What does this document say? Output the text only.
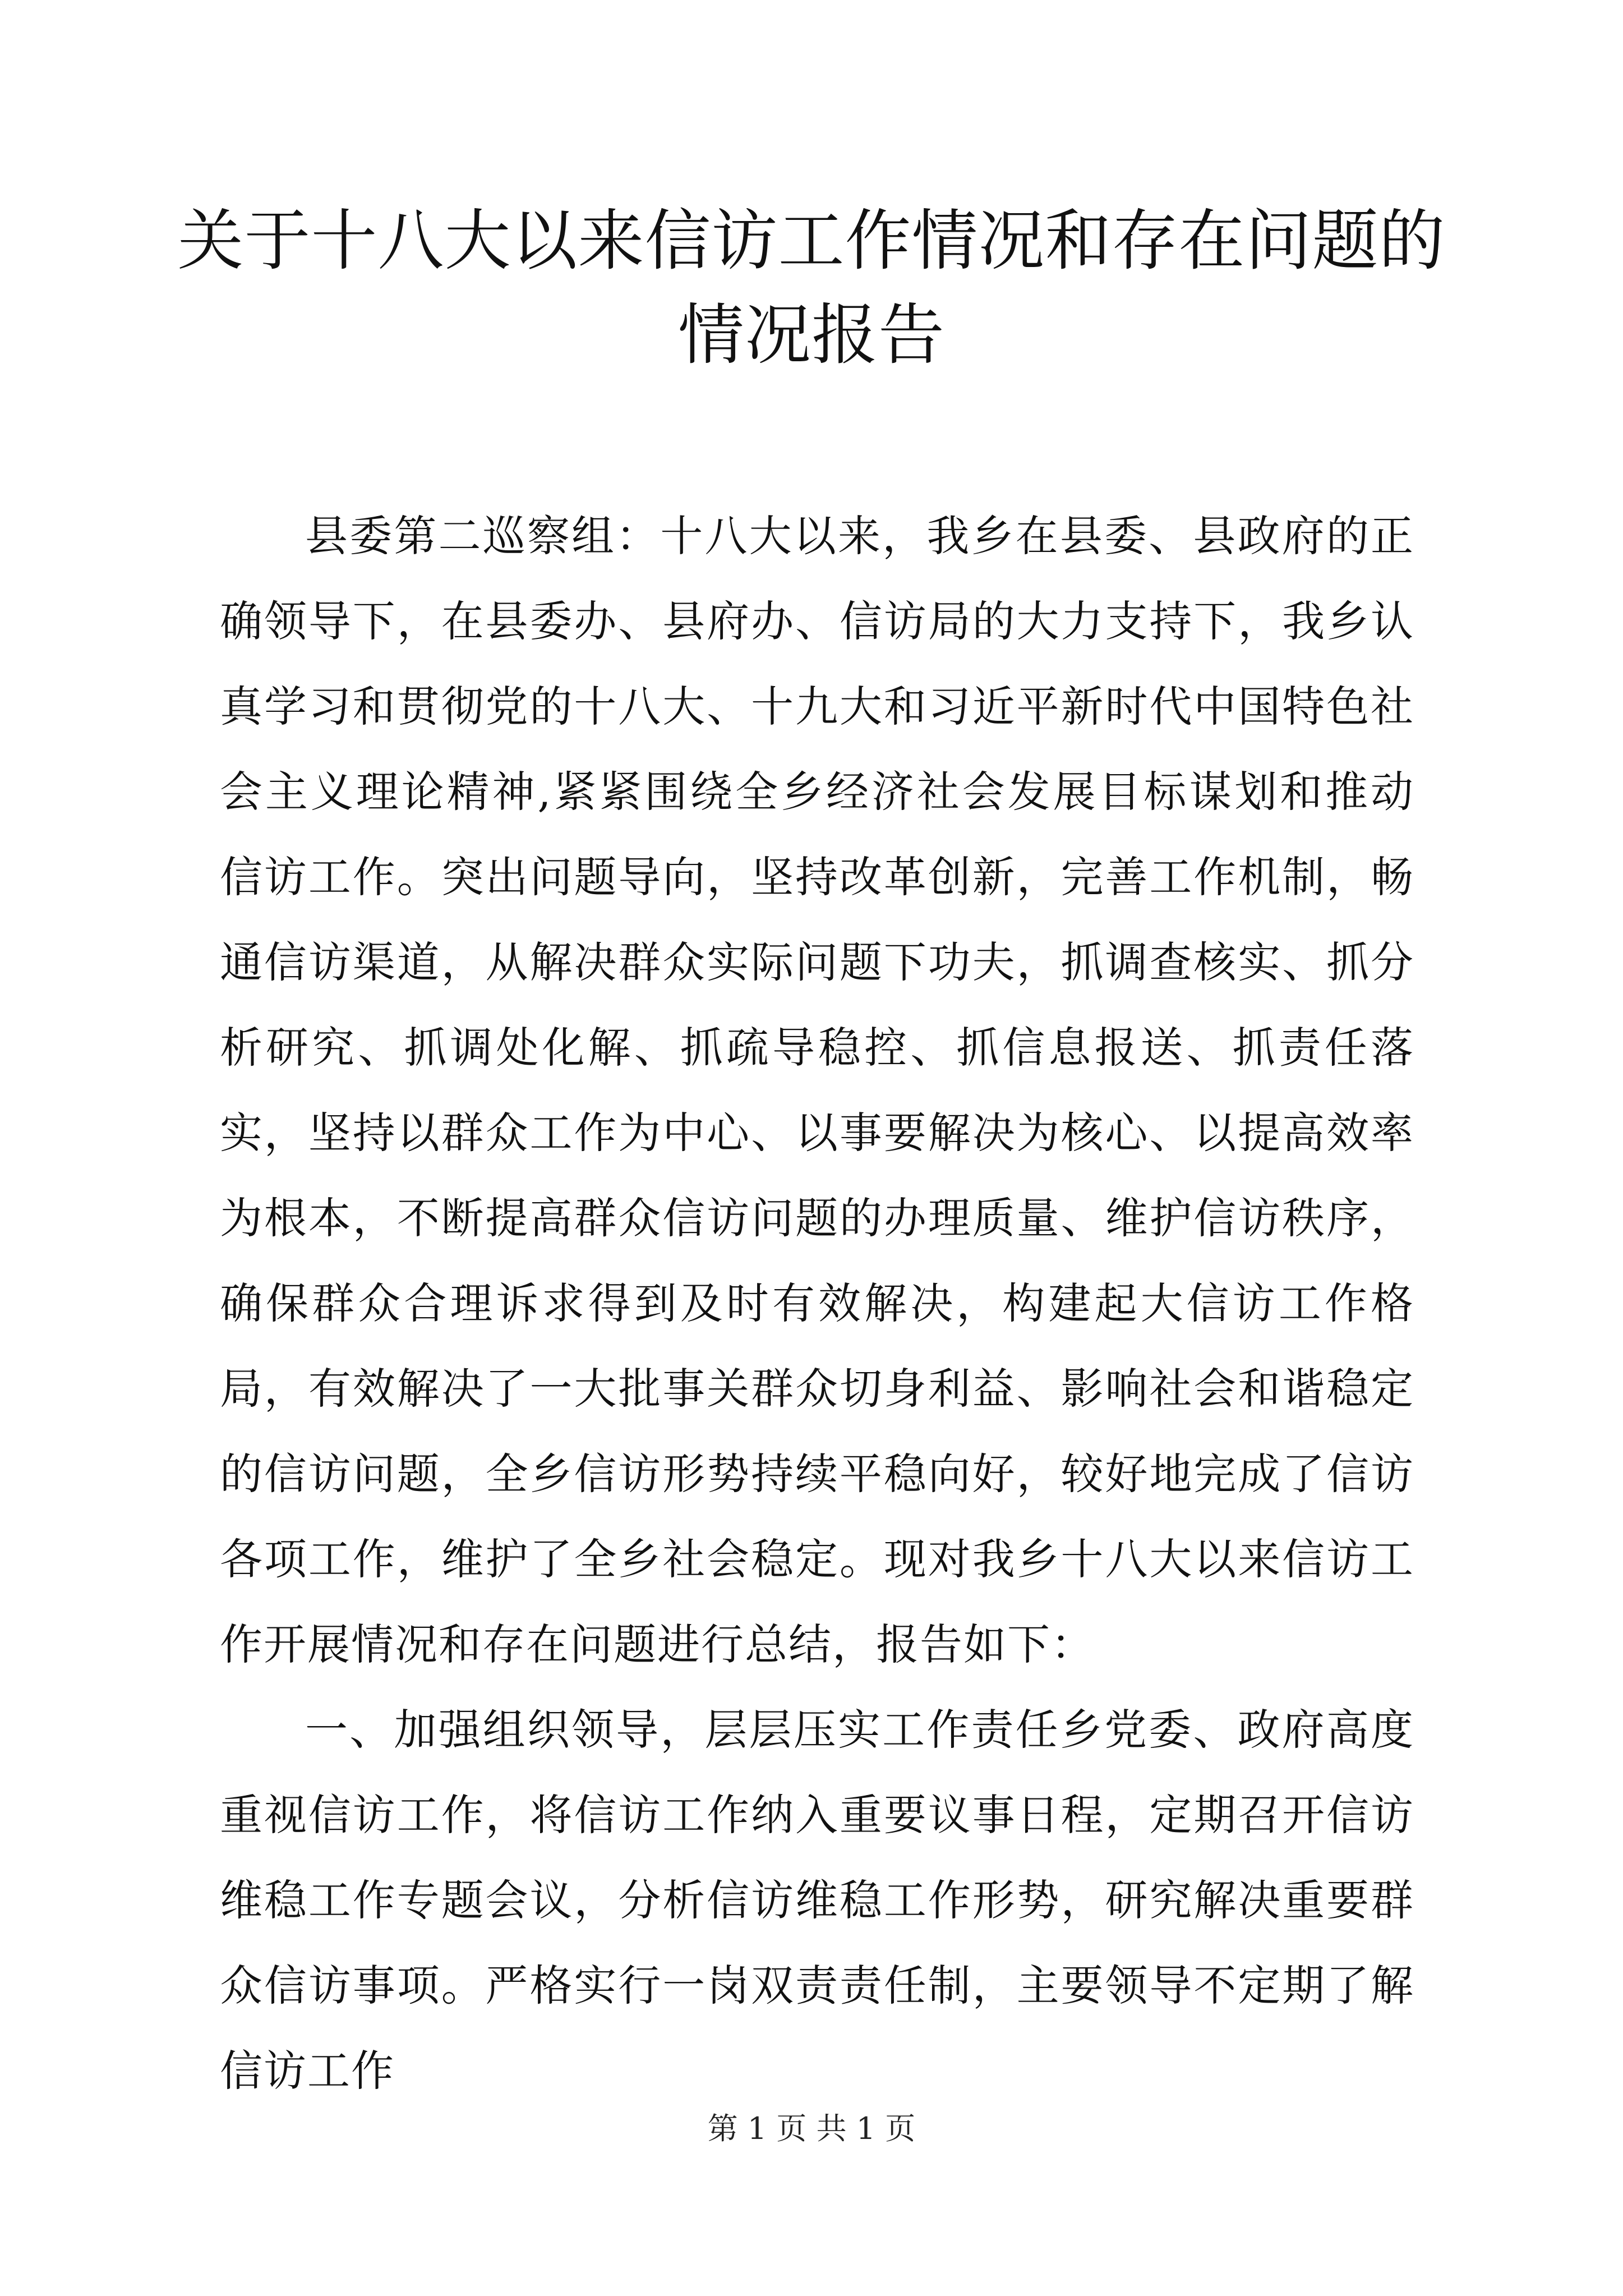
关于十八大以来信访工作情况和存在问题的情况报告

县委第二巡察组：十八大以来，我乡在县委、县政府的正确领导下，在县委办、县府办、信访局的大力支持下，我乡认真学习和贯彻党的十八大、十九大和习近平新时代中国特色社会主义理论精神,紧紧围绕全乡经济社会发展目标谋划和推动信访工作。突出问题导向，坚持改革创新，完善工作机制，畅通信访渠道，从解决群众实际问题下功夫，抓调查核实、抓分析研究、抓调处化解、抓疏导稳控、抓信息报送、抓责任落实，坚持以群众工作为中心、以事要解决为核心、以提高效率为根本，不断提高群众信访问题的办理质量、维护信访秩序，确保群众合理诉求得到及时有效解决，构建起大信访工作格局，有效解决了一大批事关群众切身利益、影响社会和谐稳定的信访问题，全乡信访形势持续平稳向好，较好地完成了信访各项工作，维护了全乡社会稳定。现对我乡十八大以来信访工作开展情况和存在问题进行总结，报告如下：

一、加强组织领导，层层压实工作责任乡党委、政府高度重视信访工作，将信访工作纳入重要议事日程，定期召开信访维稳工作专题会议，分析信访维稳工作形势，研究解决重要群众信访事项。严格实行一岗双责责任制，主要领导不定期了解信访工作

第 1 页 共 1 页
